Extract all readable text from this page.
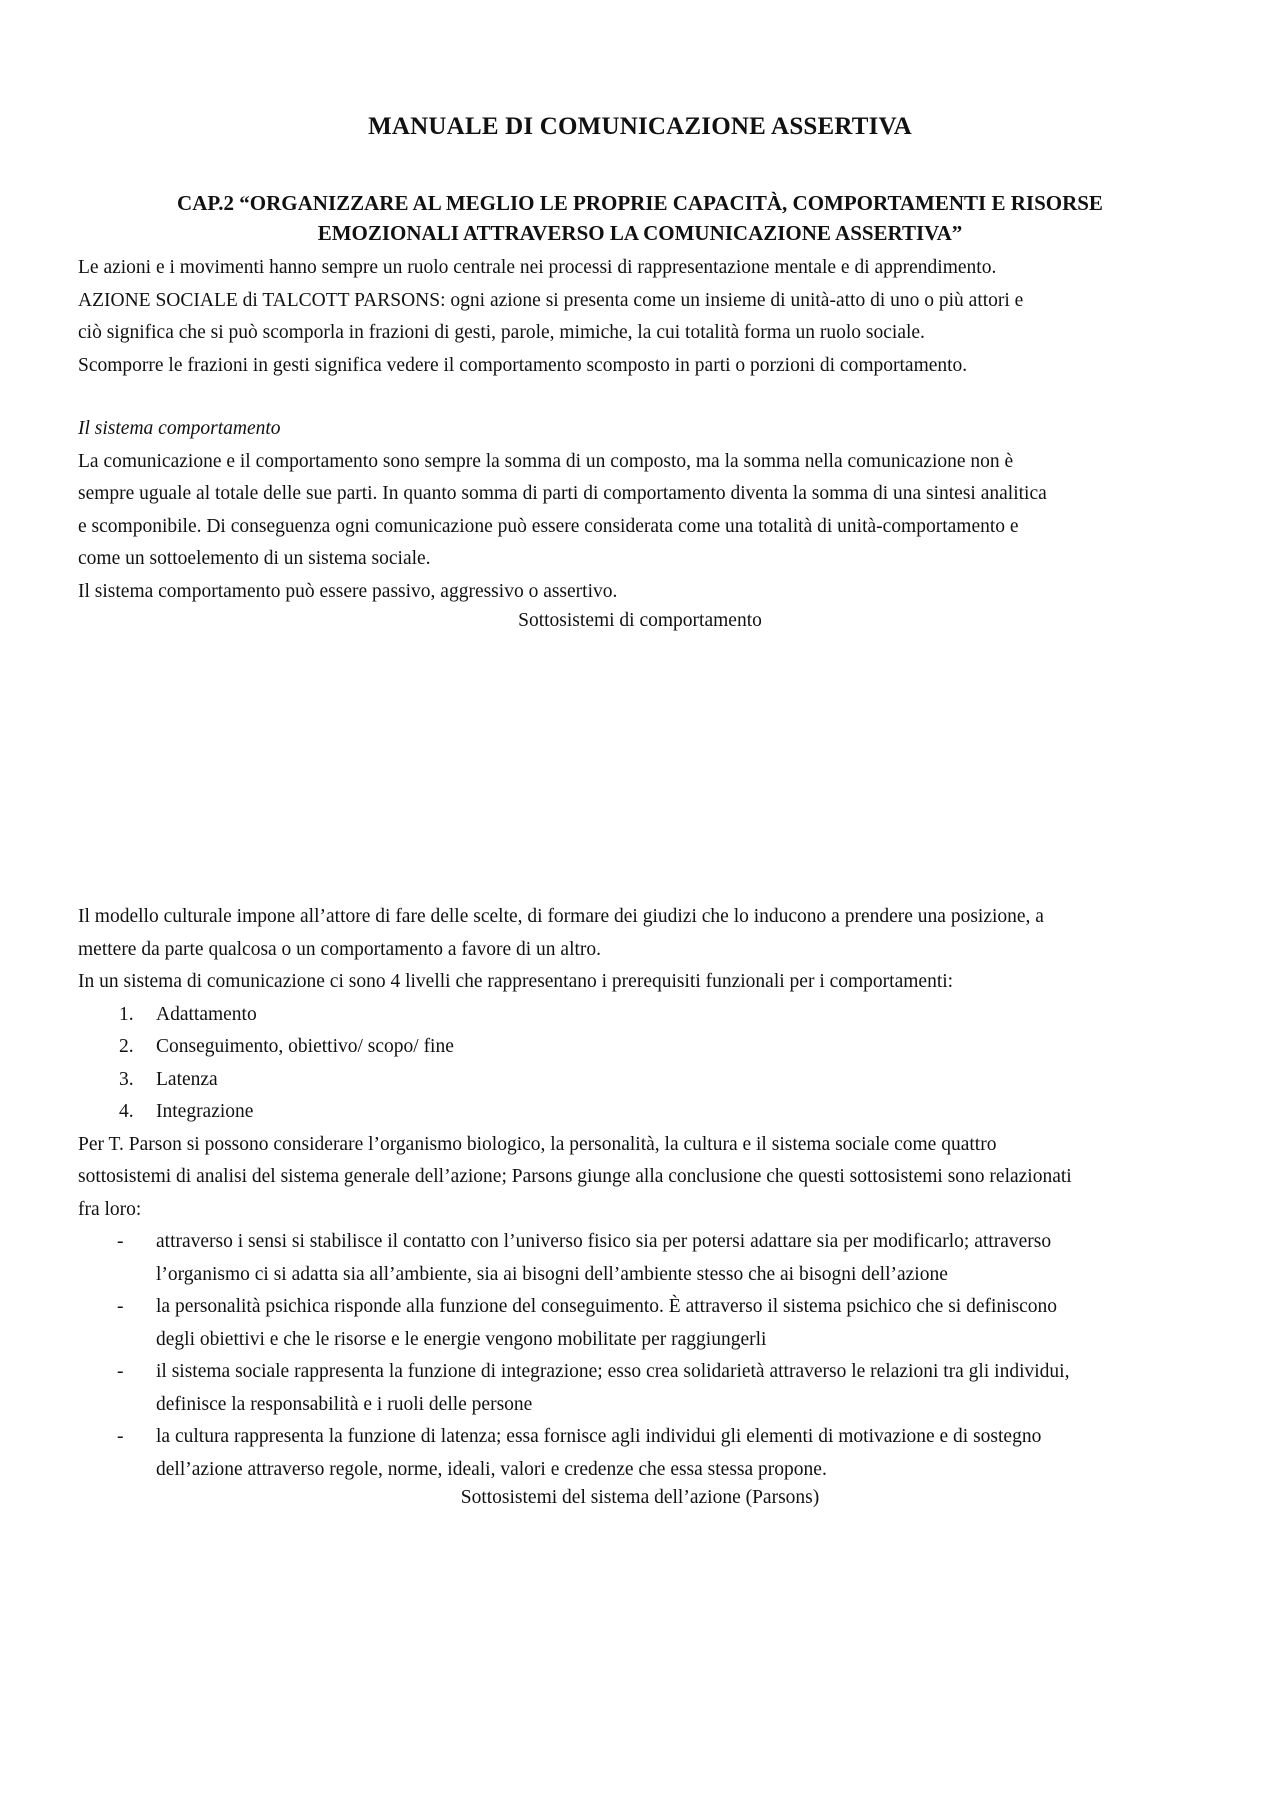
MANUALE DI COMUNICAZIONE ASSERTIVA
CAP.2 “ORGANIZZARE AL MEGLIO LE PROPRIE CAPACITÀ, COMPORTAMENTI E RISORSE
EMOZIONALI ATTRAVERSO LA COMUNICAZIONE ASSERTIVA”
Le azioni e i movimenti hanno sempre un ruolo centrale nei processi di rappresentazione mentale e di apprendimento.
AZIONE SOCIALE di TALCOTT PARSONS: ogni azione si presenta come un insieme di unità-atto di uno o più attori e
ciò significa che si può scomporla in frazioni di gesti, parole, mimiche, la cui totalità forma un ruolo sociale.
Scomporre le frazioni in gesti significa vedere il comportamento scomposto in parti o porzioni di comportamento.
Il sistema comportamento
La comunicazione e il comportamento sono sempre la somma di un composto, ma la somma nella comunicazione non è
sempre uguale al totale delle sue parti. In quanto somma di parti di comportamento diventa la somma di una sintesi analitica
e scomponibile. Di conseguenza ogni comunicazione può essere considerata come una totalità di unità-comportamento e
come un sottoelemento di un sistema sociale.
Il sistema comportamento può essere passivo, aggressivo o assertivo.
Sottosistemi di comportamento
Il modello culturale impone all’attore di fare delle scelte, di formare dei giudizi che lo inducono a prendere una posizione, a
mettere da parte qualcosa o un comportamento a favore di un altro.
In un sistema di comunicazione ci sono 4 livelli che rappresentano i prerequisiti funzionali per i comportamenti:
1. Adattamento
2. Conseguimento, obiettivo/ scopo/ fine
3. Latenza
4. Integrazione
Per T. Parson si possono considerare l’organismo biologico, la personalità, la cultura e il sistema sociale come quattro
sottosistemi di analisi del sistema generale dell’azione; Parsons giunge alla conclusione che questi sottosistemi sono relazionati
fra loro:
- attraverso i sensi si stabilisce il contatto con l’universo fisico sia per potersi adattare sia per modificarlo; attraverso
l’organismo ci si adatta sia all’ambiente, sia ai bisogni dell’ambiente stesso che ai bisogni dell’azione
- la personalità psichica risponde alla funzione del conseguimento. È attraverso il sistema psichico che si definiscono
degli obiettivi e che le risorse e le energie vengono mobilitate per raggiungerli
- il sistema sociale rappresenta la funzione di integrazione; esso crea solidarietà attraverso le relazioni tra gli individui,
definisce la responsabilità e i ruoli delle persone
- la cultura rappresenta la funzione di latenza; essa fornisce agli individui gli elementi di motivazione e di sostegno
dell’azione attraverso regole, norme, ideali, valori e credenze che essa stessa propone.
Sottosistemi del sistema dell’azione (Parsons)
